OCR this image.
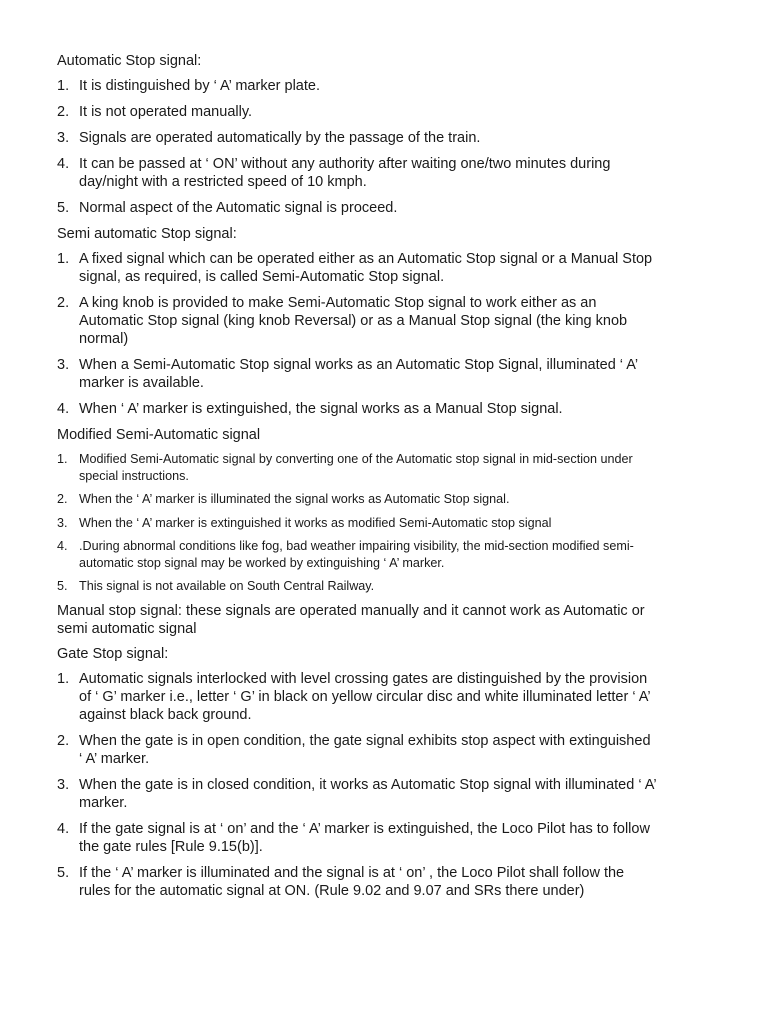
Automatic Stop signal:
1. It is distinguished by ‘ A’ marker plate.
2. It is not operated manually.
3. Signals are operated automatically by the passage of the train.
4. It can be passed at ‘ ON’ without any authority after waiting one/two minutes during day/night with a restricted speed of 10 kmph.
5. Normal aspect of the Automatic signal is proceed.
Semi automatic Stop signal:
1. A fixed signal which can be operated either as an Automatic Stop signal or a Manual Stop signal, as required, is called Semi-Automatic Stop signal.
2. A king knob is provided to make Semi-Automatic Stop signal to work either as an Automatic Stop signal (king knob Reversal) or as a Manual Stop signal (the king knob normal)
3. When a Semi-Automatic Stop signal works as an Automatic Stop Signal, illuminated ‘ A’ marker is available.
4. When ‘ A’ marker is extinguished, the signal works as a Manual Stop signal.
Modified Semi-Automatic signal
1. Modified Semi-Automatic signal by converting one of the Automatic stop signal in mid-section under special instructions.
2. When the ‘ A’ marker is illuminated the signal works as Automatic Stop signal.
3. When the ‘ A’ marker is extinguished it works as modified Semi-Automatic stop signal
4. .During abnormal conditions like fog, bad weather impairing visibility, the mid-section modified semi-automatic stop signal may be worked by extinguishing ‘ A’ marker.
5. This signal is not available on South Central Railway.
Manual stop signal: these signals are operated manually and it cannot work as Automatic or semi automatic signal
Gate Stop signal:
1. Automatic signals interlocked with level crossing gates are distinguished by the provision of ‘ G’ marker i.e., letter ‘ G’ in black on yellow circular disc and white illuminated letter ‘ A’ against black back ground.
2. When the gate is in open condition, the gate signal exhibits stop aspect with extinguished ‘ A’ marker.
3. When the gate is in closed condition, it works as Automatic Stop signal with illuminated ‘ A’ marker.
4. If the gate signal is at ‘ on’ and the ‘ A’ marker is extinguished, the Loco Pilot has to follow the gate rules [Rule 9.15(b)].
5. If the ‘ A’ marker is illuminated and the signal is at ‘ on’ , the Loco Pilot shall follow the rules for the automatic signal at ON. (Rule 9.02 and 9.07 and SRs there under)
